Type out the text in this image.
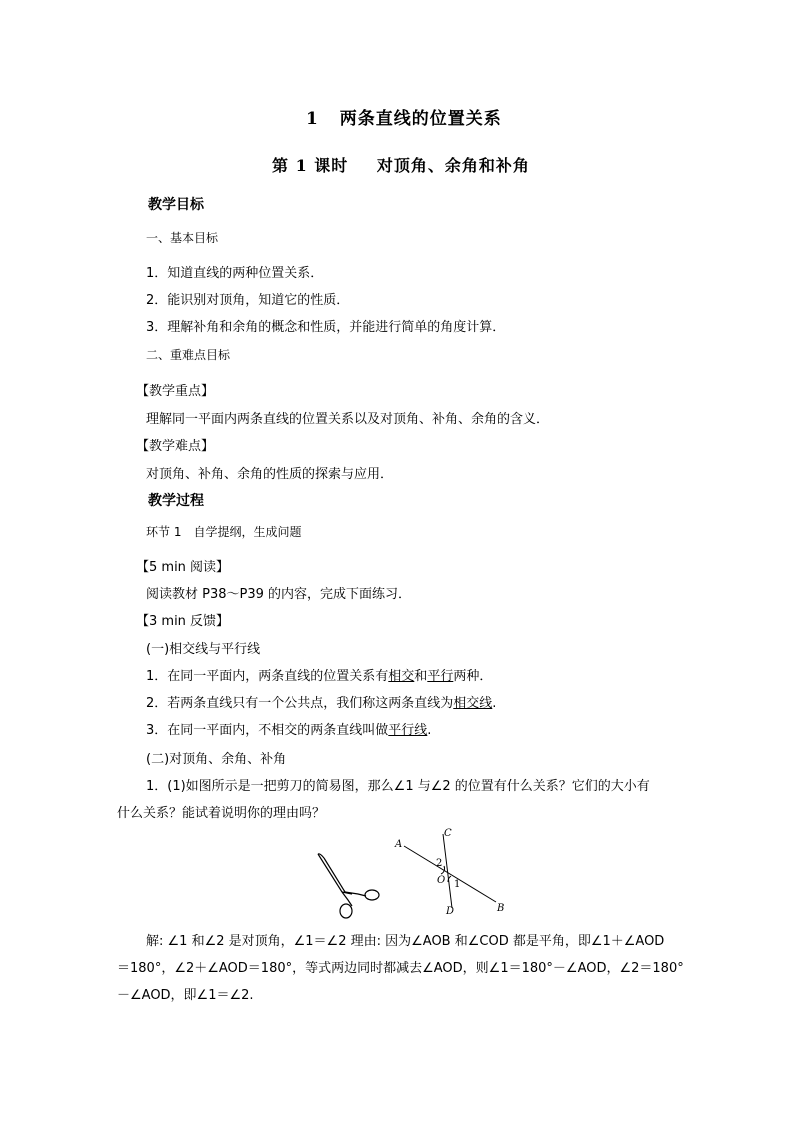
1 两条直线的位置关系
第 1 课时 对顶角、余角和补角
教学目标
一、基本目标
1．知道直线的两种位置关系．
2．能识别对顶角，知道它的性质．
3．理解补角和余角的概念和性质，并能进行简单的角度计算．
二、重难点目标
【教学重点】
理解同一平面内两条直线的位置关系以及对顶角、补角、余角的含义．
【教学难点】
对顶角、补角、余角的性质的探索与应用．
教学过程
环节 1　自学提纲，生成问题
【5 min 阅读】
阅读教材 P38～P39 的内容，完成下面练习．
【3 min 反馈】
(一)相交线与平行线
1．在同一平面内，两条直线的位置关系有相交和平行两种．
2．若两条直线只有一个公共点，我们称这两条直线为相交线.
3．在同一平面内，不相交的两条直线叫做平行线.
(二)对顶角、余角、补角
1．(1)如图所示是一把剪刀的简易图，那么∠1 与∠2 的位置有什么关系？它们的大小有
什么关系？能试着说明你的理由吗？
A
C
2
O 1
D	B
解: ∠1 和∠2 是对顶角，∠1＝∠2 理由: 因为∠AOB 和∠COD 都是平角，即∠1＋∠AOD
＝180°，∠2＋∠AOD＝180°，等式两边同时都减去∠AOD，则∠1＝180°－∠AOD，∠2＝180°
－∠AOD，即∠1＝∠2.
